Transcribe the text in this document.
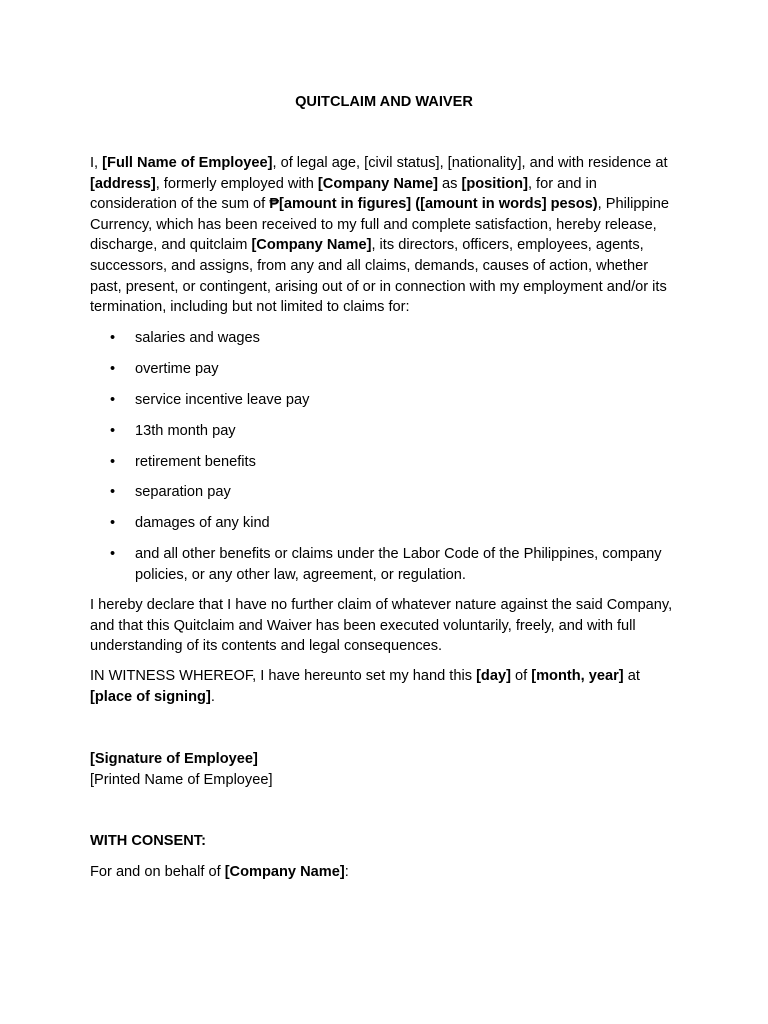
QUITCLAIM AND WAIVER

I, [Full Name of Employee], of legal age, [civil status], [nationality], and with residence at [address], formerly employed with [Company Name] as [position], for and in consideration of the sum of ₱[amount in figures] ([amount in words] pesos), Philippine Currency, which has been received to my full and complete satisfaction, hereby release, discharge, and quitclaim [Company Name], its directors, officers, employees, agents, successors, and assigns, from any and all claims, demands, causes of action, whether past, present, or contingent, arising out of or in connection with my employment and/or its termination, including but not limited to claims for:

• salaries and wages
• overtime pay
• service incentive leave pay
• 13th month pay
• retirement benefits
• separation pay
• damages of any kind
• and all other benefits or claims under the Labor Code of the Philippines, company policies, or any other law, agreement, or regulation.

I hereby declare that I have no further claim of whatever nature against the said Company, and that this Quitclaim and Waiver has been executed voluntarily, freely, and with full understanding of its contents and legal consequences.

IN WITNESS WHEREOF, I have hereunto set my hand this [day] of [month, year] at
[place of signing].

[Signature of Employee]

[Printed Name of Employee]

WITH CONSENT:

For and on behalf of [Company Name]:
